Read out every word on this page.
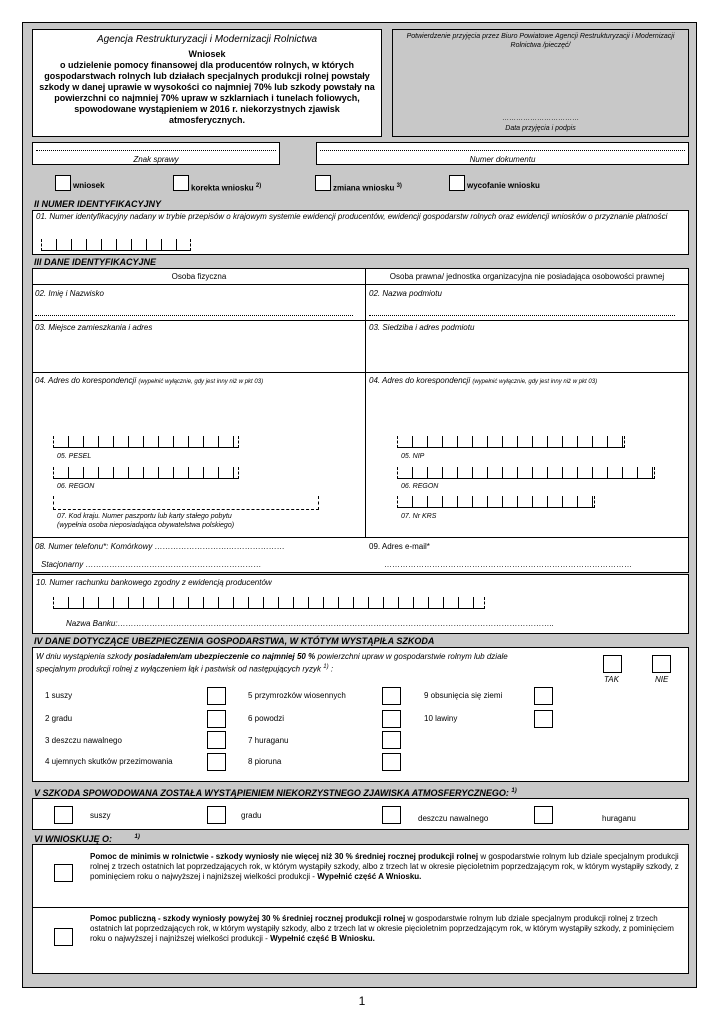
Agencja Restrukturyzacji i Modernizacji Rolnictwa
Wniosek
o udzielenie pomocy finansowej dla producentów rolnych, w których gospodarstwach rolnych lub działach specjalnych produkcji rolnej powstały szkody w danej uprawie w wysokości co najmniej 70% lub szkody powstały na powierzchni co najmniej 70% upraw w szklarniach i tunelach foliowych, spowodowane wystąpieniem w 2016 r. niekorzystnych zjawisk atmosferycznych.
Potwierdzenie przyjęcia przez Biuro Powiatowe Agencji Restrukturyzacji i Modernizacji Rolnictwa /pieczęć/
……………………………
Data przyjęcia i podpis
Znak sprawy	Numer dokumentu
wniosek	korekta wniosku $^{2)}$	zmiana wniosku $^{3)}$	wycofanie wniosku
II NUMER IDENTYFIKACYJNY
01. Numer identyfikacyjny nadany w trybie przepisów o krajowym systemie ewidencji producentów, ewidencji gospodarstw rolnych oraz ewidencji wniosków o przyznanie płatności
III DANE IDENTYFIKACYJNE
Osoba fizyczna	Osoba prawna/ jednostka organizacyjna nie posiadająca osobowości prawnej
02. Imię i Nazwisko	02. Nazwa podmiotu
03. Miejsce zamieszkania i adres	03. Siedziba i adres podmiotu
04. Adres do korespondencji (wypełnić wyłącznie, gdy jest inny niż w pkt 03)	04. Adres do korespondencji (wypełnić wyłącznie, gdy jest inny niż w pkt 03)
05. PESEL	05. NIP
06. REGON	06. REGON
07. Kod kraju. Numer paszportu lub karty stałego pobytu
(wypełnia osoba nieposiadająca obywatelstwa polskiego)
07. Nr KRS
08. Numer telefonu*: Komórkowy ……………………….…………………
Stacjonarny …………………………………………………………
09. Adres e-mail*
…………………………………………………………………………………
10. Numer rachunku bankowego zgodny z ewidencją producentów
Nazwa Banku:………………………………………………………………………………………………………………………………………………..
IV DANE DOTYCZĄCE UBEZPIECZENIA GOSPODARSTWA, W KTÓTYM WYSTĄPIŁA SZKODA
W dniu wystąpienia szkody posiadałem/am ubezpieczenie co najmniej 50 % powierzchni upraw w gospodarstwie rolnym lub dziale specjalnym produkcji rolnej z wyłączeniem łąk i pastwisk od następujących ryzyk $^{1)}$ :
TAK	NIE
1 suszy	5 przymrozków wiosennych	9 obsunięcia się ziemi
2 gradu	6 powodzi	10 lawiny
3 deszczu nawalnego	7 huraganu
4 ujemnych skutków przezimowania	8 pioruna
V SZKODA SPOWODOWANA ZOSTAŁA WYSTĄPIENIEM NIEKORZYSTNEGO ZJAWISKA ATMOSFERYCZNEGO: $^{1)}$
suszy	gradu	deszczu nawalnego	huraganu
VI WNIOSKUJĘ O:	$^{1)}$
Pomoc de minimis w rolnictwie - szkody wyniosły nie więcej niż 30 % średniej rocznej produkcji rolnej w gospodarstwie rolnym lub dziale specjalnym produkcji rolnej z trzech ostatnich lat poprzedzających rok, w którym wystąpiły szkody, albo z trzech lat w okresie pięcioletnim poprzedzającym rok, w którym wystąpiły szkody, z pominięciem roku o najwyższej i najniższej wielkości produkcji - Wypełnić część A Wniosku.
Pomoc publiczną - szkody wyniosły powyżej 30 % średniej rocznej produkcji rolnej w gospodarstwie rolnym lub dziale specjalnym produkcji rolnej z trzech ostatnich lat poprzedzających rok, w którym wystąpiły szkody, albo z trzech lat w okresie pięcioletnim poprzedzającym rok, w którym wystąpiły szkody, z pominięciem roku o najwyższej i najniższej wielkości produkcji - Wypełnić część B Wniosku.
1
